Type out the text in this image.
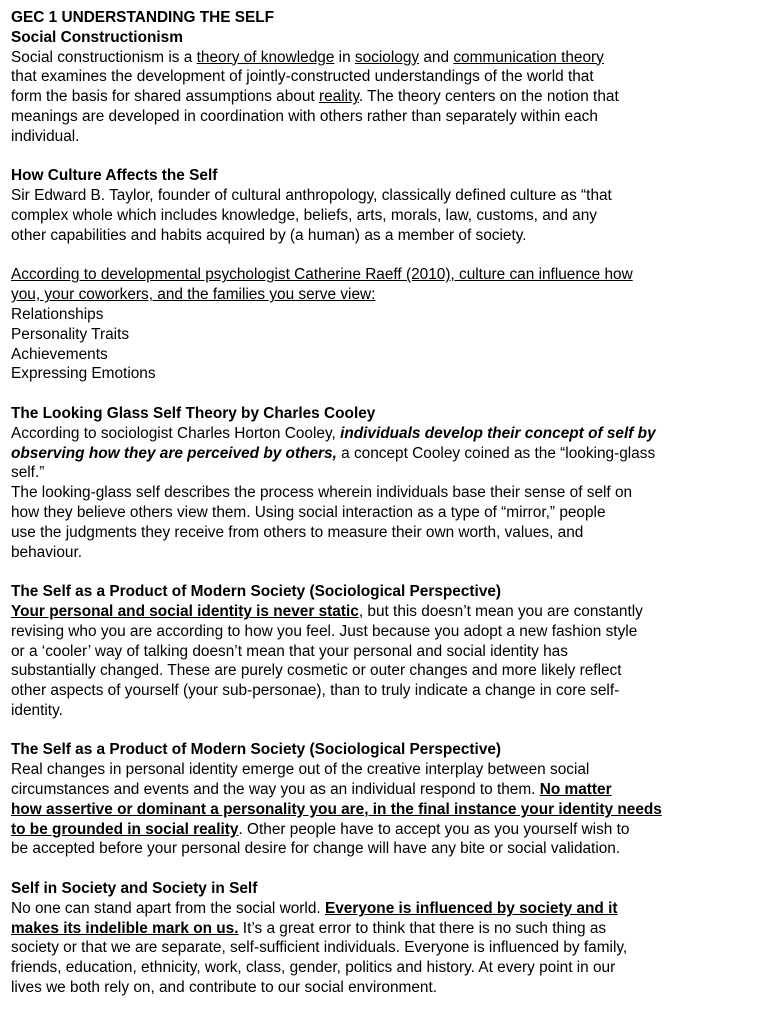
GEC 1 UNDERSTANDING THE SELF
Social Constructionism
Social constructionism is a theory of knowledge in sociology and communication theory
that examines the development of jointly-constructed understandings of the world that
form the basis for shared assumptions about reality. The theory centers on the notion that
meanings are developed in coordination with others rather than separately within each
individual.
How Culture Affects the Self
Sir Edward B. Taylor, founder of cultural anthropology, classically defined culture as “that
complex whole which includes knowledge, beliefs, arts, morals, law, customs, and any
other capabilities and habits acquired by (a human) as a member of society.
According to developmental psychologist Catherine Raeff (2010), culture can influence how
you, your coworkers, and the families you serve view:
Relationships
Personality Traits
Achievements
Expressing Emotions
The Looking Glass Self Theory by Charles Cooley
According to sociologist Charles Horton Cooley, individuals develop their concept of self by
observing how they are perceived by others, a concept Cooley coined as the “looking-glass
self.”
The looking-glass self describes the process wherein individuals base their sense of self on
how they believe others view them. Using social interaction as a type of “mirror,” people
use the judgments they receive from others to measure their own worth, values, and
behaviour.
The Self as a Product of Modern Society (Sociological Perspective)
Your personal and social identity is never static, but this doesn’t mean you are constantly
revising who you are according to how you feel. Just because you adopt a new fashion style
or a ‘cooler’ way of talking doesn’t mean that your personal and social identity has
substantially changed. These are purely cosmetic or outer changes and more likely reflect
other aspects of yourself (your sub-personae), than to truly indicate a change in core self-
identity.
The Self as a Product of Modern Society (Sociological Perspective)
Real changes in personal identity emerge out of the creative interplay between social
circumstances and events and the way you as an individual respond to them. No matter
how assertive or dominant a personality you are, in the final instance your identity needs
to be grounded in social reality. Other people have to accept you as you yourself wish to
be accepted before your personal desire for change will have any bite or social validation.
Self in Society and Society in Self
No one can stand apart from the social world. Everyone is influenced by society and it
makes its indelible mark on us. It’s a great error to think that there is no such thing as
society or that we are separate, self-sufficient individuals. Everyone is influenced by family,
friends, education, ethnicity, work, class, gender, politics and history. At every point in our
lives we both rely on, and contribute to our social environment.
